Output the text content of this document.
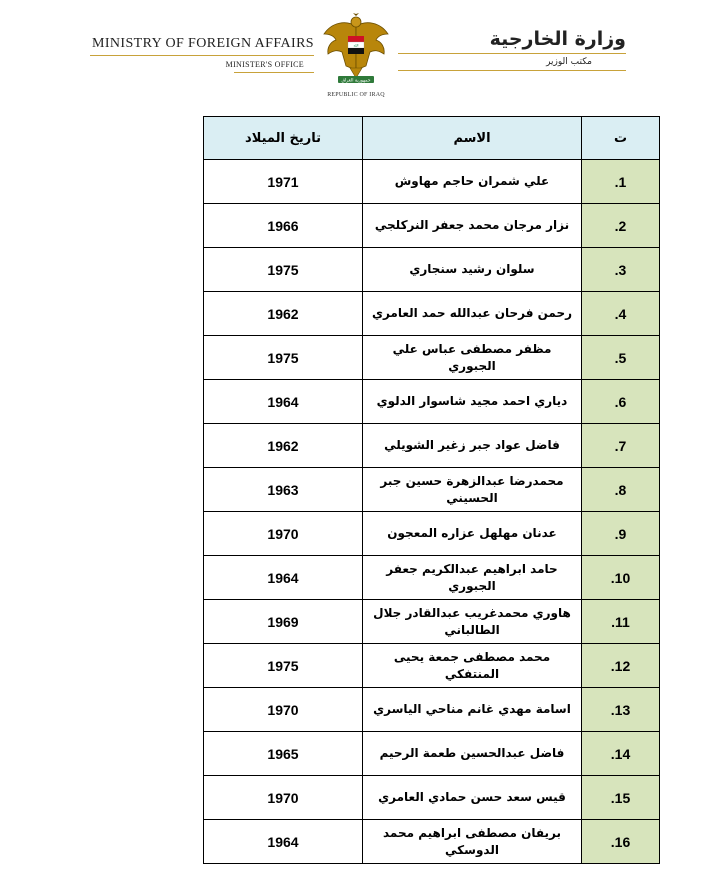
MINISTRY OF FOREIGN AFFAIRS
MINISTER'S OFFICE
الله
جمهورية العراق
REPUBLIC OF IRAQ
وزارة الخارجية
مكتب الوزير
ت	الاسم	تاريخ الميلاد
1.	علي شمران حاجم مهاوش	1971
2.	نزار مرجان محمد جعفر النركلجي	1966
3.	سلوان رشيد سنجاري	1975
4.	رحمن فرحان عبدالله حمد العامري	1962
5.	مظفر مصطفى عباس علي الجبوري	1975
6.	دياري احمد مجيد شاسوار الدلوي	1964
7.	فاضل عواد جبر زغير الشويلي	1962
8.	محمدرضا عبدالزهرة حسين جبر الحسيني	1963
9.	عدنان مهلهل عزاره المعجون	1970
10.	حامد ابراهيم عبدالكريم جعفر الجبوري	1964
11.	هاوري محمدغريب عبدالقادر جلال الطالباني	1969
12.	محمد مصطفى جمعة يحيى المنتفكي	1975
13.	اسامة مهدي غانم مناحي الياسري	1970
14.	فاضل عبدالحسين طعمة الرحيم	1965
15.	قيس سعد حسن حمادي العامري	1970
16.	بريفان مصطفى ابراهيم محمد الدوسكي	1964
